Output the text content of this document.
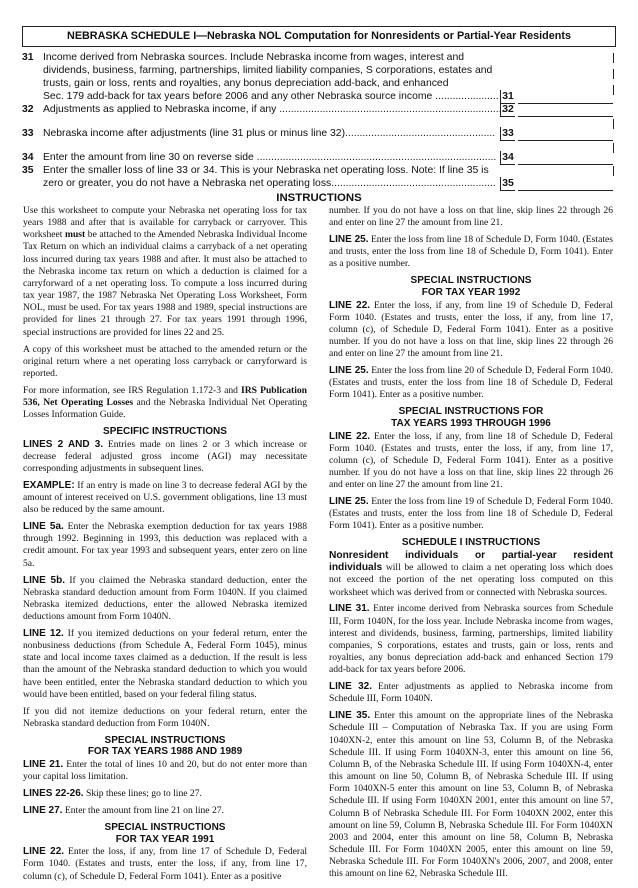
NEBRASKA SCHEDULE I—Nebraska NOL Computation for Nonresidents or Partial-Year Residents
31 Income derived from Nebraska sources. Include Nebraska income from wages, interest and
dividends, business, farming, partnerships, limited liability companies, S corporations, estates and
trusts, gain or loss, rents and royalties, any bonus depreciation add-back, and enhanced
Sec. 179 add-back for tax years before 2006 and any other Nebraska source income ...................... 31
32 Adjustments as applied to Nebraska income, if any ..............................................................................
32
33 Nebraska income after adjustments (line 31 plus or minus line 32).................................................... 33
34 Enter the amount from line 30 on reverse side ................................................................................... 34
35 Enter the smaller loss of line 33 or 34. This is your Nebraska net operating loss. Note: If line 35 is
zero or greater, you do not have a Nebraska net operating loss......................................................... 35
INSTRUCTIONS

Use this worksheet to compute your Nebraska net operating loss for tax years 1988 and after that is available for carryback or carryover. This worksheet must be attached to the Amended Nebraska Individual Income Tax Return on which an individual claims a carryback of a net operating loss incurred during tax years 1988 and after. It must also be attached to the Nebraska income tax return on which a deduction is claimed for a carryforward of a net operating loss. To compute a loss incurred during tax year 1987, the 1987 Nebraska Net Operating Loss Worksheet, Form NOL, must be used. For tax years 1988 and 1989, special instructions are provided for lines 21 through 27. For tax years 1991 through 1996, special instructions are provided for lines 22 and 25.

A copy of this worksheet must be attached to the amended return or the original return where a net operating loss carryback or carryforward is reported.

For more information, see IRS Regulation 1.172-3 and IRS Publication 536, Net Operating Losses and the Nebraska Individual Net Operating Losses Information Guide.

SPECIFIC INSTRUCTIONS

LINES 2 AND 3. Entries made on lines 2 or 3 which increase or decrease federal adjusted gross income (AGI) may necessitate corresponding adjustments in subsequent lines.

EXAMPLE: If an entry is made on line 3 to decrease federal AGI by the amount of interest received on U.S. government obligations, line 13 must also be reduced by the same amount.

LINE 5a. Enter the Nebraska exemption deduction for tax years 1988 through 1992. Beginning in 1993, this deduction was replaced with a credit amount. For tax year 1993 and subsequent years, enter zero on line 5a.

LINE 5b. If you claimed the Nebraska standard deduction, enter the Nebraska standard deduction amount from Form 1040N. If you claimed Nebraska itemized deductions, enter the allowed Nebraska itemized deductions amount from Form 1040N.

LINE 12. If you itemized deductions on your federal return, enter the nonbusiness deductions (from Schedule A, Federal Form 1045), minus state and local income taxes claimed as a deduction. If the result is less than the amount of the Nebraska standard deduction to which you would have been entitled, enter the Nebraska standard deduction to which you would have been entitled, based on your federal filing status.

If you did not itemize deductions on your federal return, enter the Nebraska standard deduction from Form 1040N.

SPECIAL INSTRUCTIONS
FOR TAX YEARS 1988 AND 1989

LINE 21. Enter the total of lines 10 and 20, but do not enter more than your capital loss limitation.

LINES 22-26. Skip these lines; go to line 27.

LINE 27. Enter the amount from line 21 on line 27.

SPECIAL INSTRUCTIONS
FOR TAX YEAR 1991

LINE 22. Enter the loss, if any, from line 17 of Schedule D, Federal Form 1040. (Estates and trusts, enter the loss, if any, from line 17, column (c), of Schedule D, Federal Form 1041). Enter as a positive

number. If you do not have a loss on that line, skip lines 22 through 26 and enter on line 27 the amount from line 21.

LINE 25. Enter the loss from line 18 of Schedule D, Form 1040. (Estates and trusts, enter the loss from line 18 of Schedule D, Form 1041). Enter as a positive number.

SPECIAL INSTRUCTIONS
FOR TAX YEAR 1992

LINE 22. Enter the loss, if any, from line 19 of Schedule D, Federal Form 1040. (Estates and trusts, enter the loss, if any, from line 17, column (c), of Schedule D, Federal Form 1041). Enter as a positive number. If you do not have a loss on that line, skip lines 22 through 26 and enter on line 27 the amount from line 21.

LINE 25. Enter the loss from line 20 of Schedule D, Federal Form 1040. (Estates and trusts, enter the loss from line 18 of Schedule D, Federal Form 1041). Enter as a positive number.

SPECIAL INSTRUCTIONS FOR
TAX YEARS 1993 THROUGH 1996

LINE 22. Enter the loss, if any, from line 18 of Schedule D, Federal Form 1040. (Estates and trusts, enter the loss, if any, from line 17, column (c), of Schedule D, Federal Form 1041). Enter as a positive number. If you do not have a loss on that line, skip lines 22 through 26 and enter on line 27 the amount from line 21.

LINE 25. Enter the loss from line 19 of Schedule D, Federal Form 1040. (Estates and trusts, enter the loss from line 18 of Schedule D, Federal Form 1041). Enter as a positive number.

SCHEDULE I INSTRUCTIONS

Nonresident individuals or partial-year resident individuals will be allowed to claim a net operating loss which does not exceed the portion of the net operating loss computed on this worksheet which was derived from or connected with Nebraska sources.

LINE 31. Enter income derived from Nebraska sources from Schedule III, Form 1040N, for the loss year. Include Nebraska income from wages, interest and dividends, business, farming, partnerships, limited liability companies, S corporations, estates and trusts, gain or loss, rents and royalties, any bonus depreciation add-back and enhanced Section 179 add-back for tax years before 2006.

LINE 32. Enter adjustments as applied to Nebraska income from Schedule III, Form 1040N.

LINE 35. Enter this amount on the appropriate lines of the Nebraska Schedule III – Computation of Nebraska Tax. If you are using Form 1040XN-2, enter this amount on line 53, Column B, of the Nebraska Schedule III. If using Form 1040XN-3, enter this amount on line 56, Column B, of the Nebraska Schedule III. If using Form 1040XN-4, enter this amount on line 50, Column B, of Nebraska Schedule III. If using Form 1040XN-5 enter this amount on line 53, Column B, of Nebraska Schedule III. If using Form 1040XN 2001, enter this amount on line 57, Column B of Nebraska Schedule III. For Form 1040XN 2002, enter this amount on line 59, Column B, Nebraska Schedule III. For Form 1040XN 2003 and 2004, enter this amount on line 58, Column B, Nebraska Schedule III. For Form 1040XN 2005, enter this amount on line 59, Nebraska Schedule III. For Form 1040XN's 2006, 2007, and 2008, enter this amount on line 62, Nebraska Schedule III.
